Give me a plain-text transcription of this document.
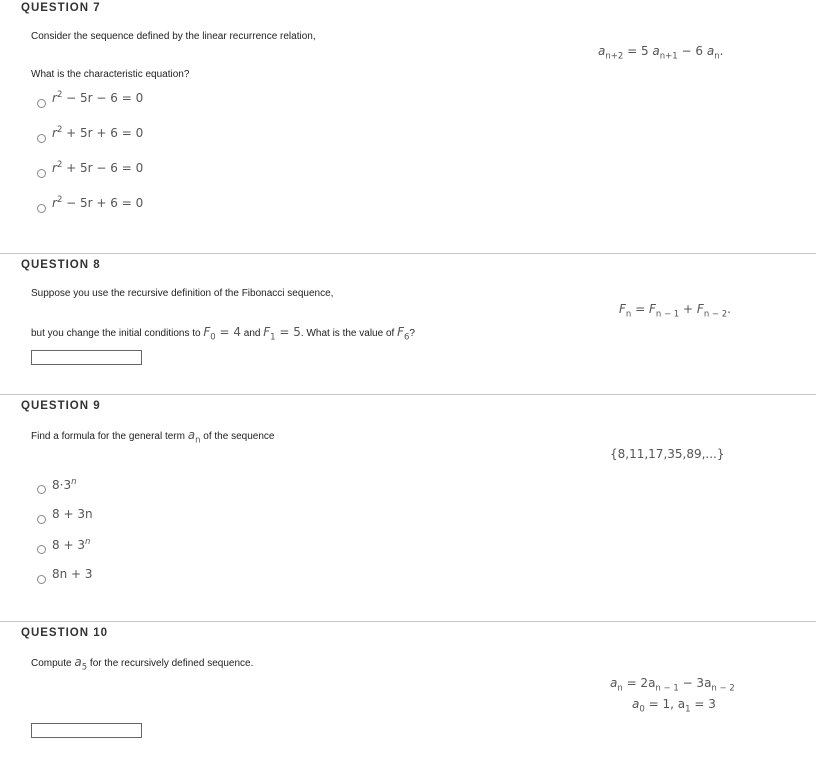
QUESTION 7
Consider the sequence defined by the linear recurrence relation,
$a_{n+2} = 5$ $a_{n+1} - 6$ $a_n$.
What is the characteristic equation?
$r^2 - 5r - 6 = 0$
$r^2 + 5r + 6 = 0$
$r^2 + 5r - 6 = 0$
$r^2 - 5r + 6 = 0$
QUESTION 8
Suppose you use the recursive definition of the Fibonacci sequence,
$F_n = F_{n - 1} + F_{n - 2}$.
but you change the initial conditions to $F_0 = 4$ and $F_1 = 5$. What is the value of $F_6$?
QUESTION 9
Find a formula for the general term $a_n$ of the sequence
{8,11,17,35,89,...}
$8\cdot 3^n$
8 + 3n
$8 + 3^n$
8n + 3
QUESTION 10
Compute $a_5$ for the recursively defined sequence.
$a_n = 2a_{n - 1} - 3a_{n - 2}$
$a_0 = 1$, $a_1 = 3$
